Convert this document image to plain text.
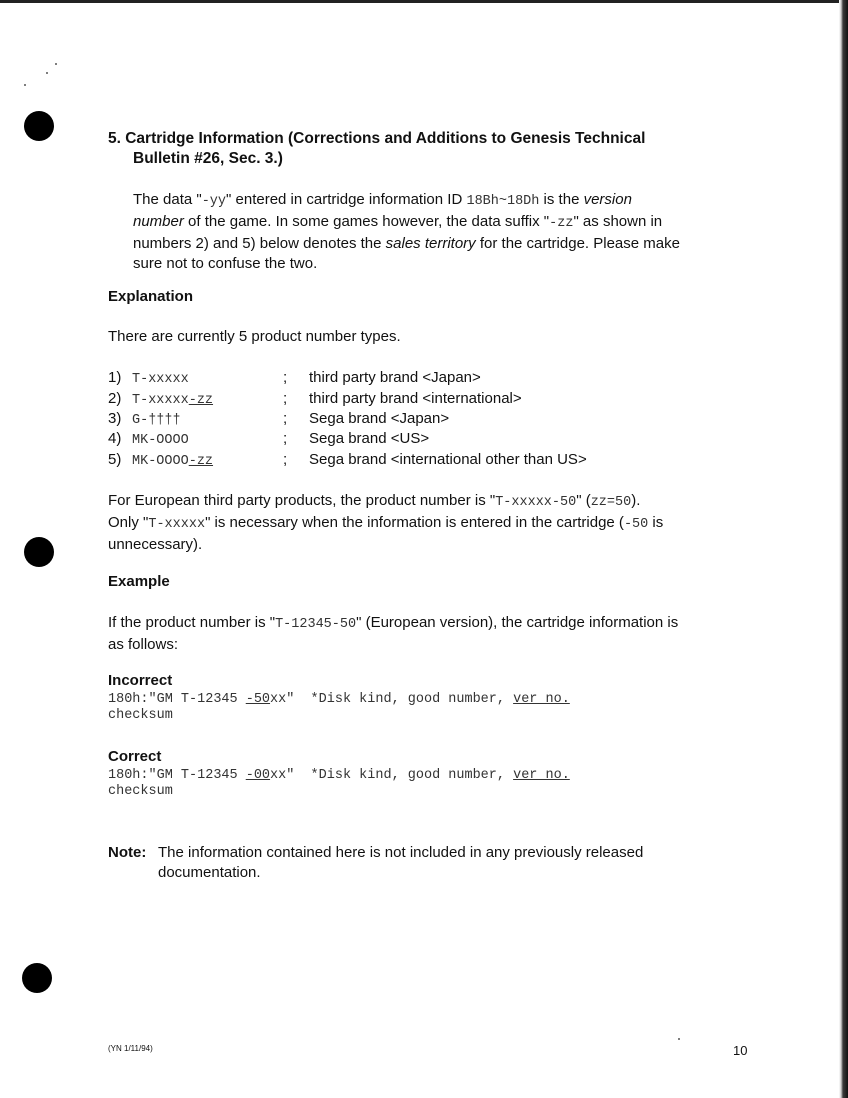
5. Cartridge Information (Corrections and Additions to Genesis Technical
Bulletin #26, Sec. 3.)
The data "-yy" entered in cartridge information ID 18Bh~18Dh is the version
number of the game. In some games however, the data suffix "-zz" as shown in
numbers 2) and 5) below denotes the sales territory for the cartridge. Please make
sure not to confuse the two.
Explanation
There are currently 5 product number types.
1) T-xxxxx	; third party brand <Japan>
2) T-xxxxx-zz	; third party brand <international>
3) G-††††	; Sega brand <Japan>
4) MK-OOOO	; Sega brand <US>
5) MK-OOOO-zz	; Sega brand <international other than US>
For European third party products, the product number is "T-xxxxx-50" (zz=50).
Only "T-xxxxx" is necessary when the information is entered in the cartridge (-50 is
unnecessary).
Example
If the product number is "T-12345-50" (European version), the cartridge information is
as follows:
Incorrect
180h:"GM T-12345 -50xx"  *Disk kind, good number, ver no.
checksum
Correct
180h:"GM T-12345 -00xx"  *Disk kind, good number, ver no.
checksum
Note: The information contained here is not included in any previously released
documentation.
(YN 1/11/94)	10
